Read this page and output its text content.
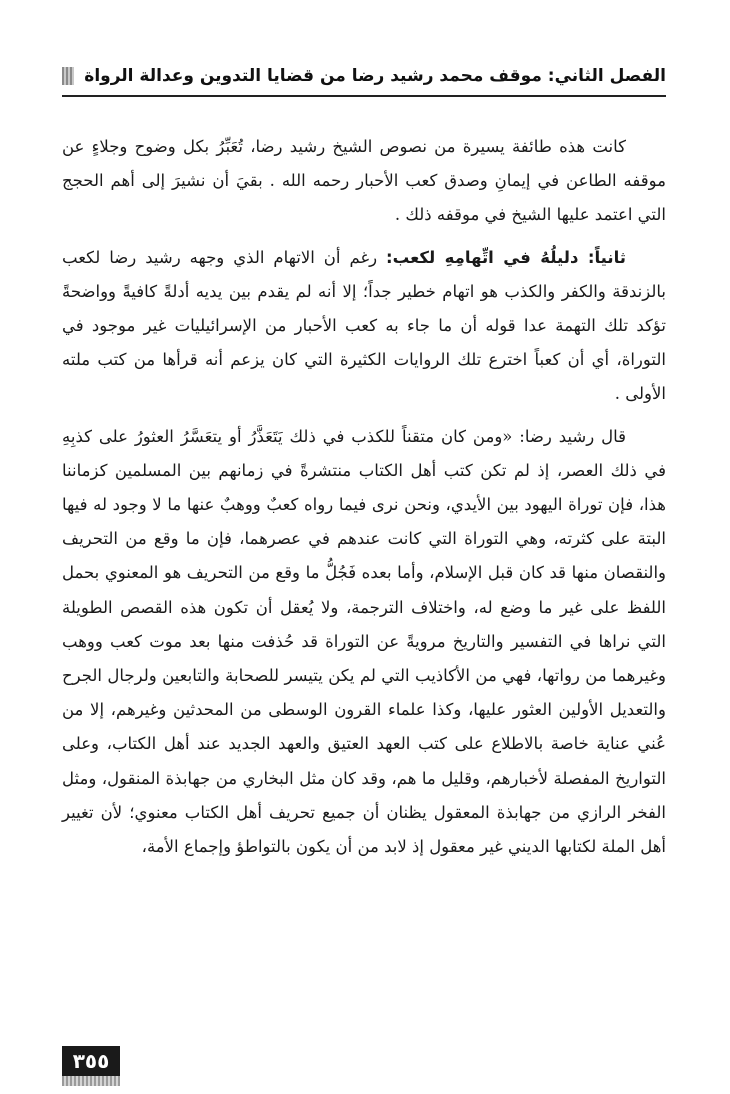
الفصل الثاني: موقف محمد رشيد رضا من قضايا التدوين وعدالة الرواة

كانت هذه طائفة يسيرة من نصوص الشيخ رشيد رضا، تُعَبِّرُ بكل وضوح وجلاءٍ عن موقفه الطاعن في إيمانِ وصدق كعب الأحبار رحمه الله . بقيَ أن نشيرَ إلى أهم الحجج التي اعتمد عليها الشيخ في موقفه ذلك .

ثانياً: دليلُهُ في اتِّهامِهِ لكعب: رغم أن الاتهام الذي وجهه رشيد رضا لكعب بالزندقة والكفر والكذب هو اتهام خطير جداً؛ إلا أنه لم يقدم بين يديه أدلةً كافيةً وواضحةً تؤكد تلك التهمة عدا قوله أن ما جاء به كعب الأحبار من الإسرائيليات غير موجود في التوراة، أي أن كعباً اخترع تلك الروايات الكثيرة التي كان يزعم أنه قرأها من كتب ملته الأولى .

قال رشيد رضا: «ومن كان متقناً للكذب في ذلك يَتَعَذَّرُ أو يتعَسَّرُ العثورُ على كذبِهِ في ذلك العصر، إذ لم تكن كتب أهل الكتاب منتشرةً في زمانهم بين المسلمين كزماننا هذا، فإن توراة اليهود بين الأيدي، ونحن نرى فيما رواه كعبٌ ووهبٌ عنها ما لا وجود له فيها البتة على كثرته، وهي التوراة التي كانت عندهم في عصرهما، فإن ما وقع من التحريف والنقصان منها قد كان قبل الإسلام، وأما بعده فَجُلُّ ما وقع من التحريف هو المعنوي بحمل اللفظ على غير ما وضع له، واختلاف الترجمة، ولا يُعقل أن تكون هذه القصص الطويلة التي نراها في التفسير والتاريخ مرويةً عن التوراة قد حُذفت منها بعد موت كعب ووهب وغيرهما من رواتها، فهي من الأكاذيب التي لم يكن يتيسر للصحابة والتابعين ولرجال الجرح والتعديل الأولين العثور عليها، وكذا علماء القرون الوسطى من المحدثين وغيرهم، إلا من عُني عناية خاصة بالاطلاع على كتب العهد العتيق والعهد الجديد عند أهل الكتاب، وعلى التواريخ المفصلة لأخبارهم، وقليل ما هم، وقد كان مثل البخاري من جهابذة المنقول، ومثل الفخر الرازي من جهابذة المعقول يظنان أن جميع تحريف أهل الكتاب معنوي؛ لأن تغيير أهل الملة لكتابها الديني غير معقول إذ لابد من أن يكون بالتواطؤ وإجماع الأمة،

٣٥٥
